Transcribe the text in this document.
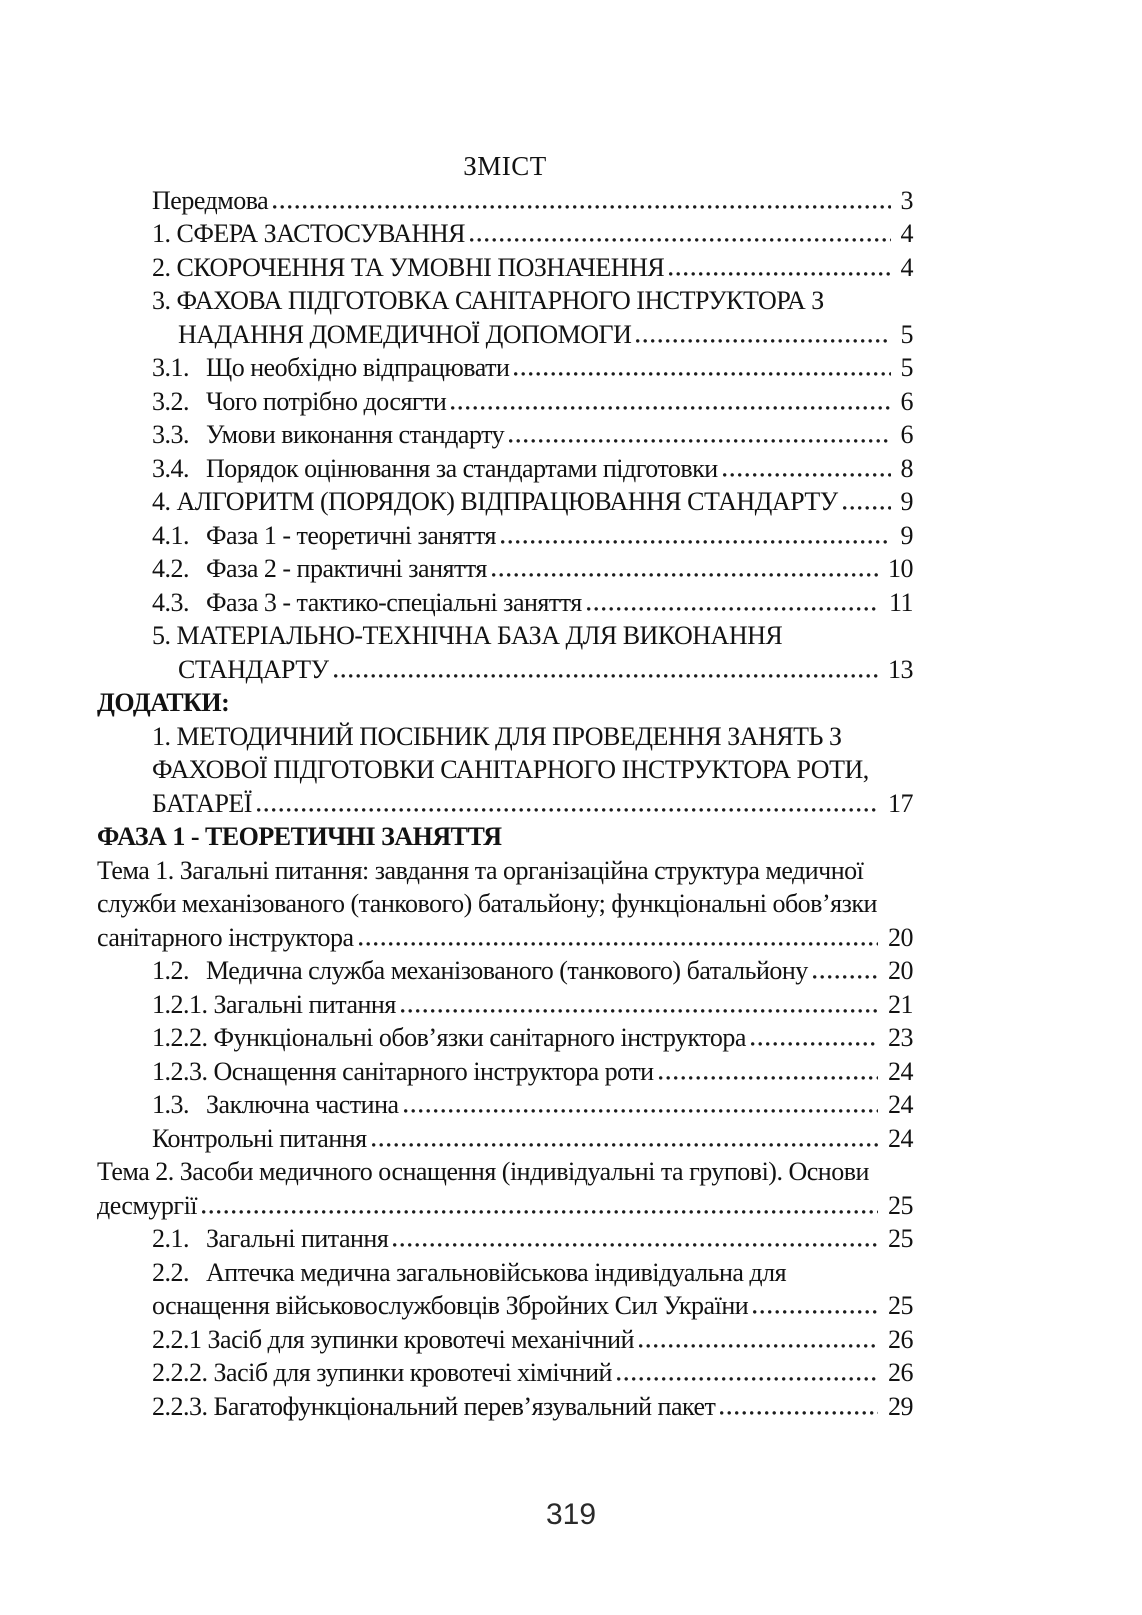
ЗМІСТ
Передмова	3
1. СФЕРА ЗАСТОСУВАННЯ	4
2. СКОРОЧЕННЯ ТА УМОВНІ ПОЗНАЧЕННЯ	4
3. ФАХОВА ПІДГОТОВКА САНІТАРНОГО ІНСТРУКТОРА З
НАДАННЯ ДОМЕДИЧНОЇ ДОПОМОГИ	5
3.1. Що необхідно відпрацювати	5
3.2. Чого потрібно досягти	6
3.3. Умови виконання стандарту	6
3.4. Порядок оцінювання за стандартами підготовки	8
4. АЛГОРИТМ (ПОРЯДОК) ВІДПРАЦЮВАННЯ СТАНДАРТУ 9
4.1. Фаза 1 - теоретичні заняття	9
4.2. Фаза 2 - практичні заняття	10
4.3. Фаза 3 - тактико-спеціальні заняття	11
5. МАТЕРІАЛЬНО-ТЕХНІЧНА БАЗА ДЛЯ ВИКОНАННЯ
СТАНДАРТУ	13
ДОДАТКИ:
1. МЕТОДИЧНИЙ ПОСІБНИК ДЛЯ ПРОВЕДЕННЯ ЗАНЯТЬ З
ФАХОВОЇ ПІДГОТОВКИ САНІТАРНОГО ІНСТРУКТОРА РОТИ,
БАТАРЕЇ	17
ФАЗА 1 - ТЕОРЕТИЧНІ ЗАНЯТТЯ
Тема 1. Загальні питання: завдання та організаційна структура медичної
служби механізованого (танкового) батальйону; функціональні обов’язки
санітарного інструктора	20
1.2. Медична служба механізованого (танкового) батальйону	20
1.2.1. Загальні питання	21
1.2.2. Функціональні обов’язки санітарного інструктора	23
1.2.3. Оснащення санітарного інструктора роти	24
1.3. Заключна частина	24
Контрольні питання	24
Тема 2. Засоби медичного оснащення (індивідуальні та групові). Основи
десмургії	25
2.1. Загальні питання	25
2.2. Аптечка медична загальновійськова індивідуальна для
оснащення військовослужбовців Збройних Сил України	25
2.2.1 Засіб для зупинки кровотечі механічний	26
2.2.2. Засіб для зупинки кровотечі хімічний	26
2.2.3. Багатофункціональний перев’язувальний пакет	29
319
